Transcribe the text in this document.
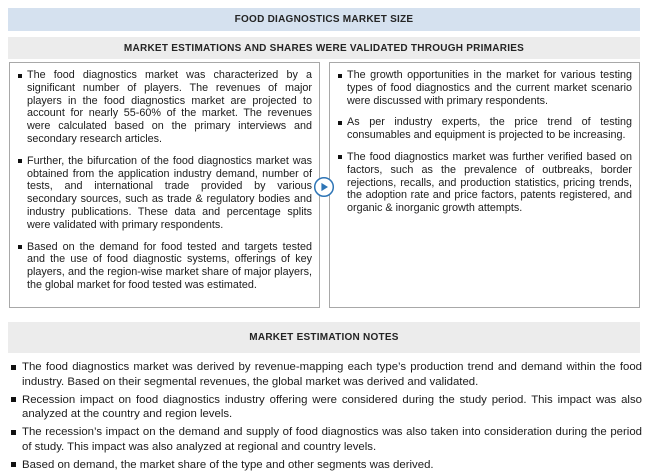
FOOD DIAGNOSTICS MARKET SIZE
MARKET ESTIMATIONS AND SHARES WERE VALIDATED THROUGH PRIMARIES
The food diagnostics market was characterized by a significant number of players. The revenues of major players in the food diagnostics market are projected to account for nearly 55-60% of the market. The revenues were calculated based on the primary interviews and secondary research articles.
Further, the bifurcation of the food diagnostics market was obtained from the application industry demand, number of tests, and international trade provided by various secondary sources, such as trade & regulatory bodies and industry publications. These data and percentage splits were validated with primary respondents.
Based on the demand for food tested and targets tested and the use of food diagnostic systems, offerings of key players, and the region-wise market share of major players, the global market for food tested was estimated.
The growth opportunities in the market for various testing types of food diagnostics and the current market scenario were discussed with primary respondents.
As per industry experts, the price trend of testing consumables and equipment is projected to be increasing.
The food diagnostics market was further verified based on factors, such as the prevalence of outbreaks, border rejections, recalls, and production statistics, pricing trends, the adoption rate and price factors, patents registered, and organic & inorganic growth attempts.
MARKET ESTIMATION NOTES
The food diagnostics market was derived by revenue-mapping each type’s production trend and demand within the food industry. Based on their segmental revenues, the global market was derived and validated.
Recession impact on food diagnostics industry offering were considered during the study period. This impact was also analyzed at the country and region levels.
The recession’s impact on the demand and supply of food diagnostics was also taken into consideration during the period of study. This impact was also analyzed at regional and country levels.
Based on demand, the market share of the type and other segments was derived.
